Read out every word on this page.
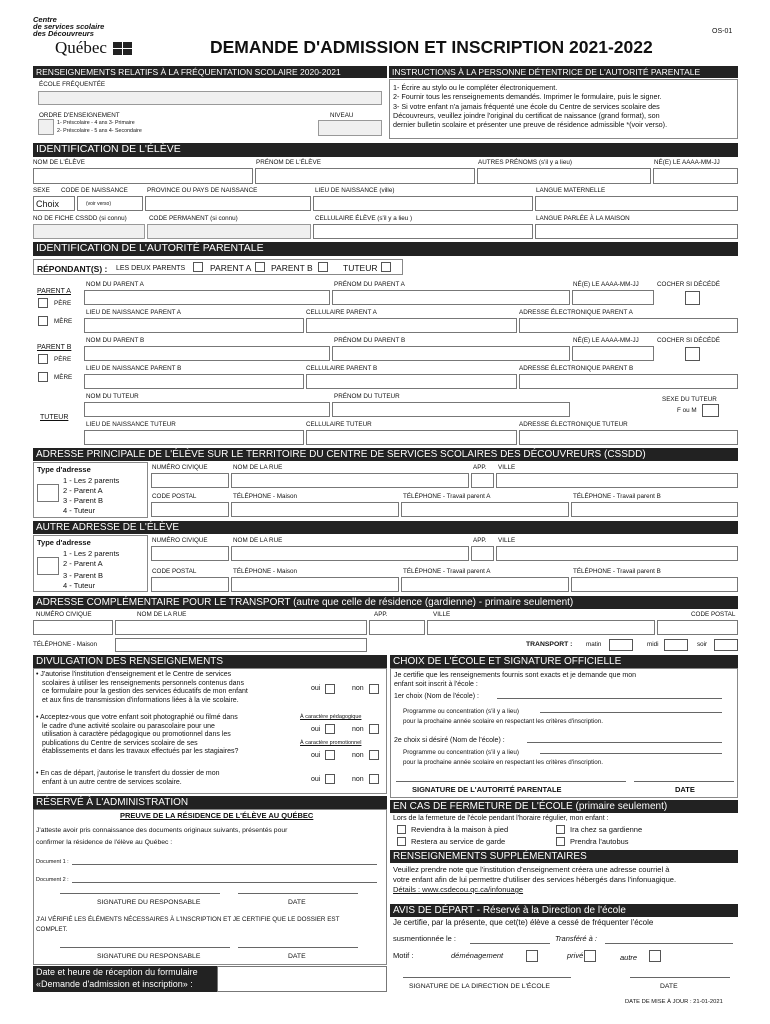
Centre
de services scolaire
des Découvreurs
Québec	DEMANDE D'ADMISSION ET INSCRIPTION 2021-2022
OS-01
RENSEIGNEMENTS RELATIFS À LA FRÉQUENTATION SCOLAIRE 2020-2021
ÉCOLE FRÉQUENTÉE
ORDRE D'ENSEIGNEMENT
1- Préscolaire - 4 ans 3- Primaire
2- Préscolaire - 5 ans 4- Secondaire
NIVEAU
INSTRUCTIONS À LA PERSONNE DÉTENTRICE DE L'AUTORITÉ PARENTALE
1- Écrire au stylo ou le compléter électroniquement.
2- Fournir tous les renseignements demandés. Imprimer le formulaire, puis le signer.
3- Si votre enfant n'a jamais fréquenté une école du Centre de services scolaire des
Découvreurs, veuillez joindre l'original du certificat de naissance (grand format), son
dernier bulletin scolaire et présenter une preuve de résidence admissible *(voir verso).
IDENTIFICATION DE L'ÉLÈVE
NOM DE L'ÉLÈVE	PRÉNOM DE L'ÉLÈVE	AUTRES PRÉNOMS (s'il y a lieu)	NÉ(E) LE AAAA-MM-JJ
SEXE CODE DE NAISSANCE	PROVINCE OU PAYS DE NAISSANCE	LIEU DE NAISSANCE (ville)	LANGUE MATERNELLE
Choix	(voir verso)
NO DE FICHE CSSDD (si connu)	CODE PERMANENT (si connu)	CELLULAIRE ÉLÈVE (s'il y a lieu )	LANGUE PARLÉE À LA MAISON
IDENTIFICATION DE L'AUTORITÉ PARENTALE
RÉPONDANT(S) : LES DEUX PARENTS	PARENT A PARENT B	TUTEUR
PARENT A
PÈRE
MÈRE
NOM DU PARENT A	PRÉNOM DU PARENT A	NÉ(E) LE AAAA-MM-JJ	COCHER SI DÉCÉDÉ
LIEU DE NAISSANCE PARENT A	CELLULAIRE PARENT A	ADRESSE ÉLECTRONIQUE PARENT A
PARENT B
PÈRE
MÈRE
NOM DU PARENT B	PRÉNOM DU PARENT B	NÉ(E) LE AAAA-MM-JJ	COCHER SI DÉCÉDÉ
LIEU DE NAISSANCE PARENT B	CELLULAIRE PARENT B	ADRESSE ÉLECTRONIQUE PARENT B
TUTEUR
NOM DU TUTEUR	PRÉNOM DU TUTEUR	SEXE DU TUTEUR
F ou M
LIEU DE NAISSANCE TUTEUR	CELLULAIRE TUTEUR	ADRESSE ÉLECTRONIQUE TUTEUR
ADRESSE PRINCIPALE DE L'ÉLÈVE SUR LE TERRITOIRE DU CENTRE DE SERVICES SCOLAIRES DES DÉCOUVREURS (CSSDD)
Type d'adresse
1 - Les 2 parents
2 - Parent A
3 - Parent B
4 - Tuteur
NUMÉRO CIVIQUE	NOM DE LA RUE	APP. VILLE
CODE POSTAL	TÉLÉPHONE - Maison	TÉLÉPHONE - Travail parent A	TÉLÉPHONE - Travail parent B
AUTRE ADRESSE DE L'ÉLÈVE
Type d'adresse
1 - Les 2 parents
2 - Parent A
3 - Parent B
4 - Tuteur
NUMÉRO CIVIQUE	NOM DE LA RUE	APP. VILLE
CODE POSTAL	TÉLÉPHONE - Maison	TÉLÉPHONE - Travail parent A	TÉLÉPHONE - Travail parent B
ADRESSE COMPLÉMENTAIRE POUR LE TRANSPORT (autre que celle de résidence (gardienne) - primaire seulement)
NUMÉRO CIVIQUE	NOM DE LA RUE	APP.	VILLE	CODE POSTAL
TÉLÉPHONE - Maison	TRANSPORT : matin	midi	soir
DIVULGATION DES RENSEIGNEMENTS
• J'autorise l'institution d'enseignement et le Centre de services
scolaires à utiliser les renseignements personnels contenus dans
ce formulaire pour la gestion des services éducatifs de mon enfant
et aux fins de transmission d'informations liées à la vie scolaire.
oui	non
• Acceptez-vous que votre enfant soit photographié ou filmé dans
le cadre d'une activité scolaire ou parascolaire pour une
utilisation à caractère pédagogique ou promotionnel dans les
publications du Centre de services scolaire de ses
établissements et dans les travaux effectués par les stagiaires?
À caractère pédagogique
oui	non
À caractère promotionnel
oui	non
• En cas de départ, j'autorise le transfert du dossier de mon
enfant à un autre centre de services scolaire.	oui	non
CHOIX DE L'ÉCOLE ET SIGNATURE OFFICIELLE
Je certifie que les renseignements fournis sont exacts et je demande que mon
enfant soit inscrit à l'école :
1er choix (Nom de l'école) :
Programme ou concentration (s'il y a lieu)
pour la prochaine année scolaire en respectant les critères d'inscription.
2e choix si désiré (Nom de l'école) :
Programme ou concentration (s'il y a lieu)
pour la prochaine année scolaire en respectant les critères d'inscription.
SIGNATURE DE L'AUTORITÉ PARENTALE	DATE
RÉSERVÉ À L'ADMINISTRATION
PREUVE DE LA RÉSIDENCE DE L'ÉLÈVE AU QUÉBEC
J'atteste avoir pris connaissance des documents originaux suivants, présentés pour
confirmer la résidence de l'élève au Québec :
Document 1 :
Document 2 :
SIGNATURE DU RESPONSABLE	DATE
J'AI VÉRIFIÉ LES ÉLÉMENTS NÉCESSAIRES À L'INSCRIPTION ET JE CERTIFIE QUE LE DOSSIER EST
COMPLET.
SIGNATURE DU RESPONSABLE	DATE
Date et heure de réception du formulaire
«Demande d'admission et inscription» :
EN CAS DE FERMETURE DE L'ÉCOLE (primaire seulement)
Lors de la fermeture de l'école pendant l'horaire régulier, mon enfant :
Reviendra à la maison à pied	Ira chez sa gardienne
Restera au service de garde	Prendra l'autobus
RENSEIGNEMENTS SUPPLÉMENTAIRES
Veuillez prendre note que l'institution d'enseignement créera une adresse courriel à
votre enfant afin de lui permettre d'utiliser des services hébergés dans l'infonuagique.
Détails : www.csdecou.qc.ca/infonuage
AVIS DE DÉPART - Réservé à la Direction de l'école
Je certifie, par la présente, que cet(te) élève a cessé de fréquenter l'école
susmentionnée le :	Transféré à :
Motif :	déménagement	privé	autre
SIGNATURE DE LA DIRECTION DE L'ÉCOLE	DATE
DATE DE MISE À JOUR : 21-01-2021
